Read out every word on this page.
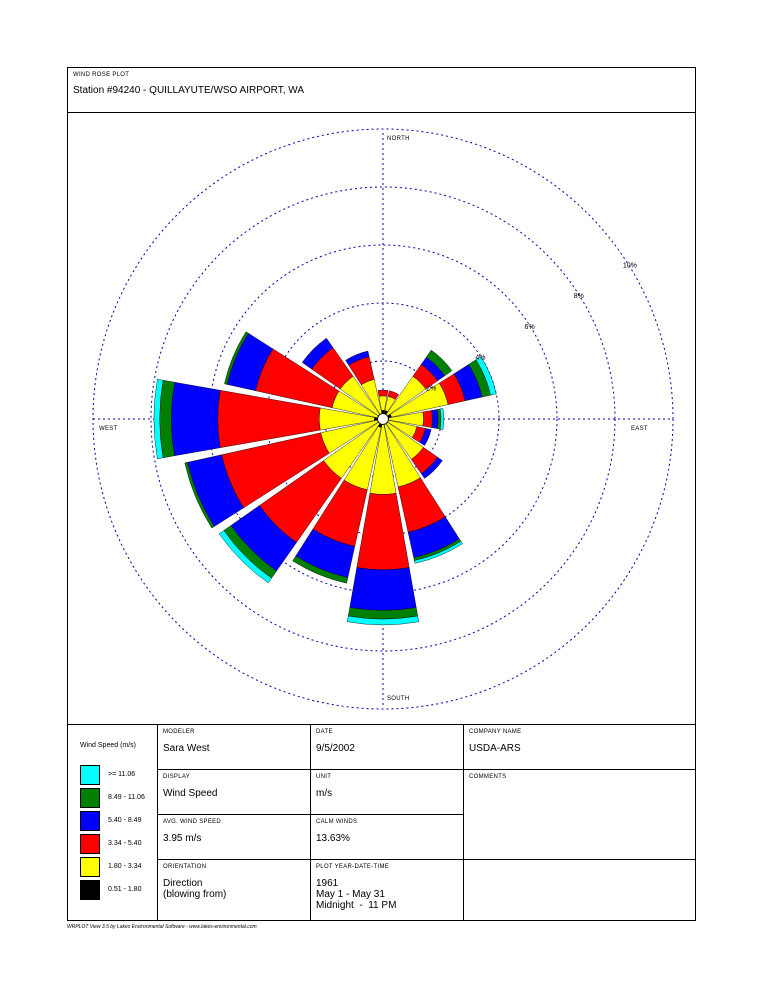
WIND ROSE PLOT
Station #94240 - QUILLAYUTE/WSO AIRPORT, WA
2%
4%
6%
8%
10%
NORTH
SOUTH
EAST
WEST
Wind Speed (m/s)
>= 11.06
8.49 - 11.06
5.40 - 8.49
3.34 - 5.40
1.80 - 3.34
0.51 - 1.80
MODELER
Sara West
DATE
9/5/2002
COMPANY NAME
USDA-ARS
DISPLAY
Wind Speed
UNIT
m/s
COMMENTS
AVG. WIND SPEED
3.95 m/s
CALM WINDS
13.63%
ORIENTATION
Direction
(blowing from)
PLOT YEAR-DATE-TIME
1961
May 1 - May 31
Midnight  -  11 PM
WRPLOT View 3.5 by Lakes Environmental Software - www.lakes-environmental.com
